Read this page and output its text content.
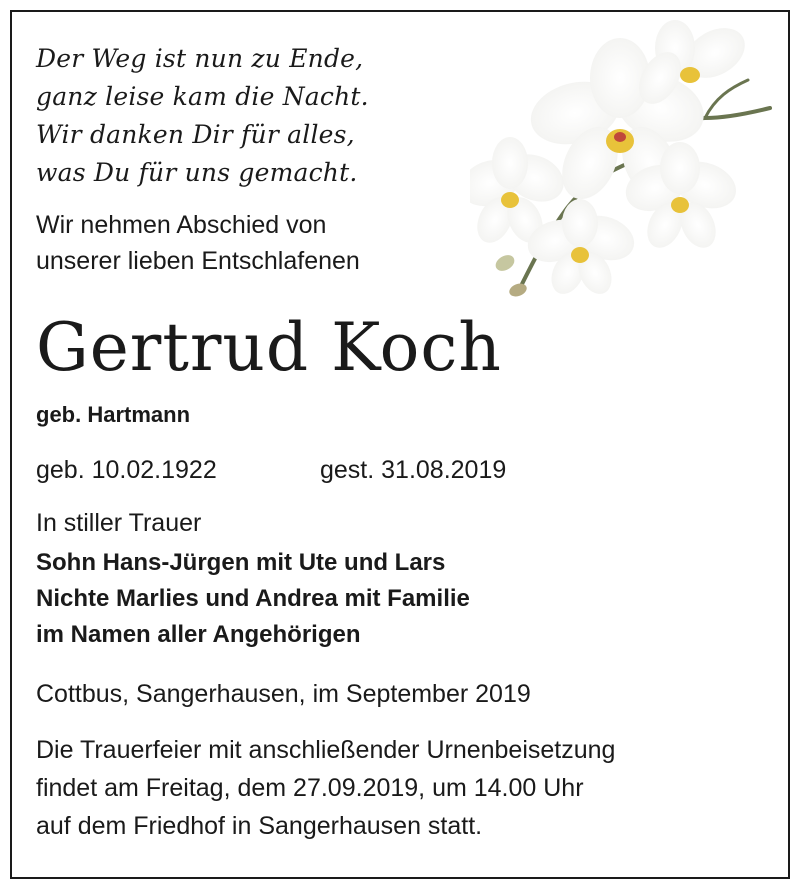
Der Weg ist nun zu Ende,
ganz leise kam die Nacht.
Wir danken Dir für alles,
was Du für uns gemacht.
Wir nehmen Abschied von
unserer lieben Entschlafenen
Gertrud Koch
geb. Hartmann
geb. 10.02.1922	gest. 31.08.2019
In stiller Trauer
Sohn Hans-Jürgen mit Ute und Lars
Nichte Marlies und Andrea mit Familie
im Namen aller Angehörigen
Cottbus, Sangerhausen, im September 2019
Die Trauerfeier mit anschließender Urnenbeisetzung
findet am Freitag, dem 27.09.2019, um 14.00 Uhr
auf dem Friedhof in Sangerhausen statt.
